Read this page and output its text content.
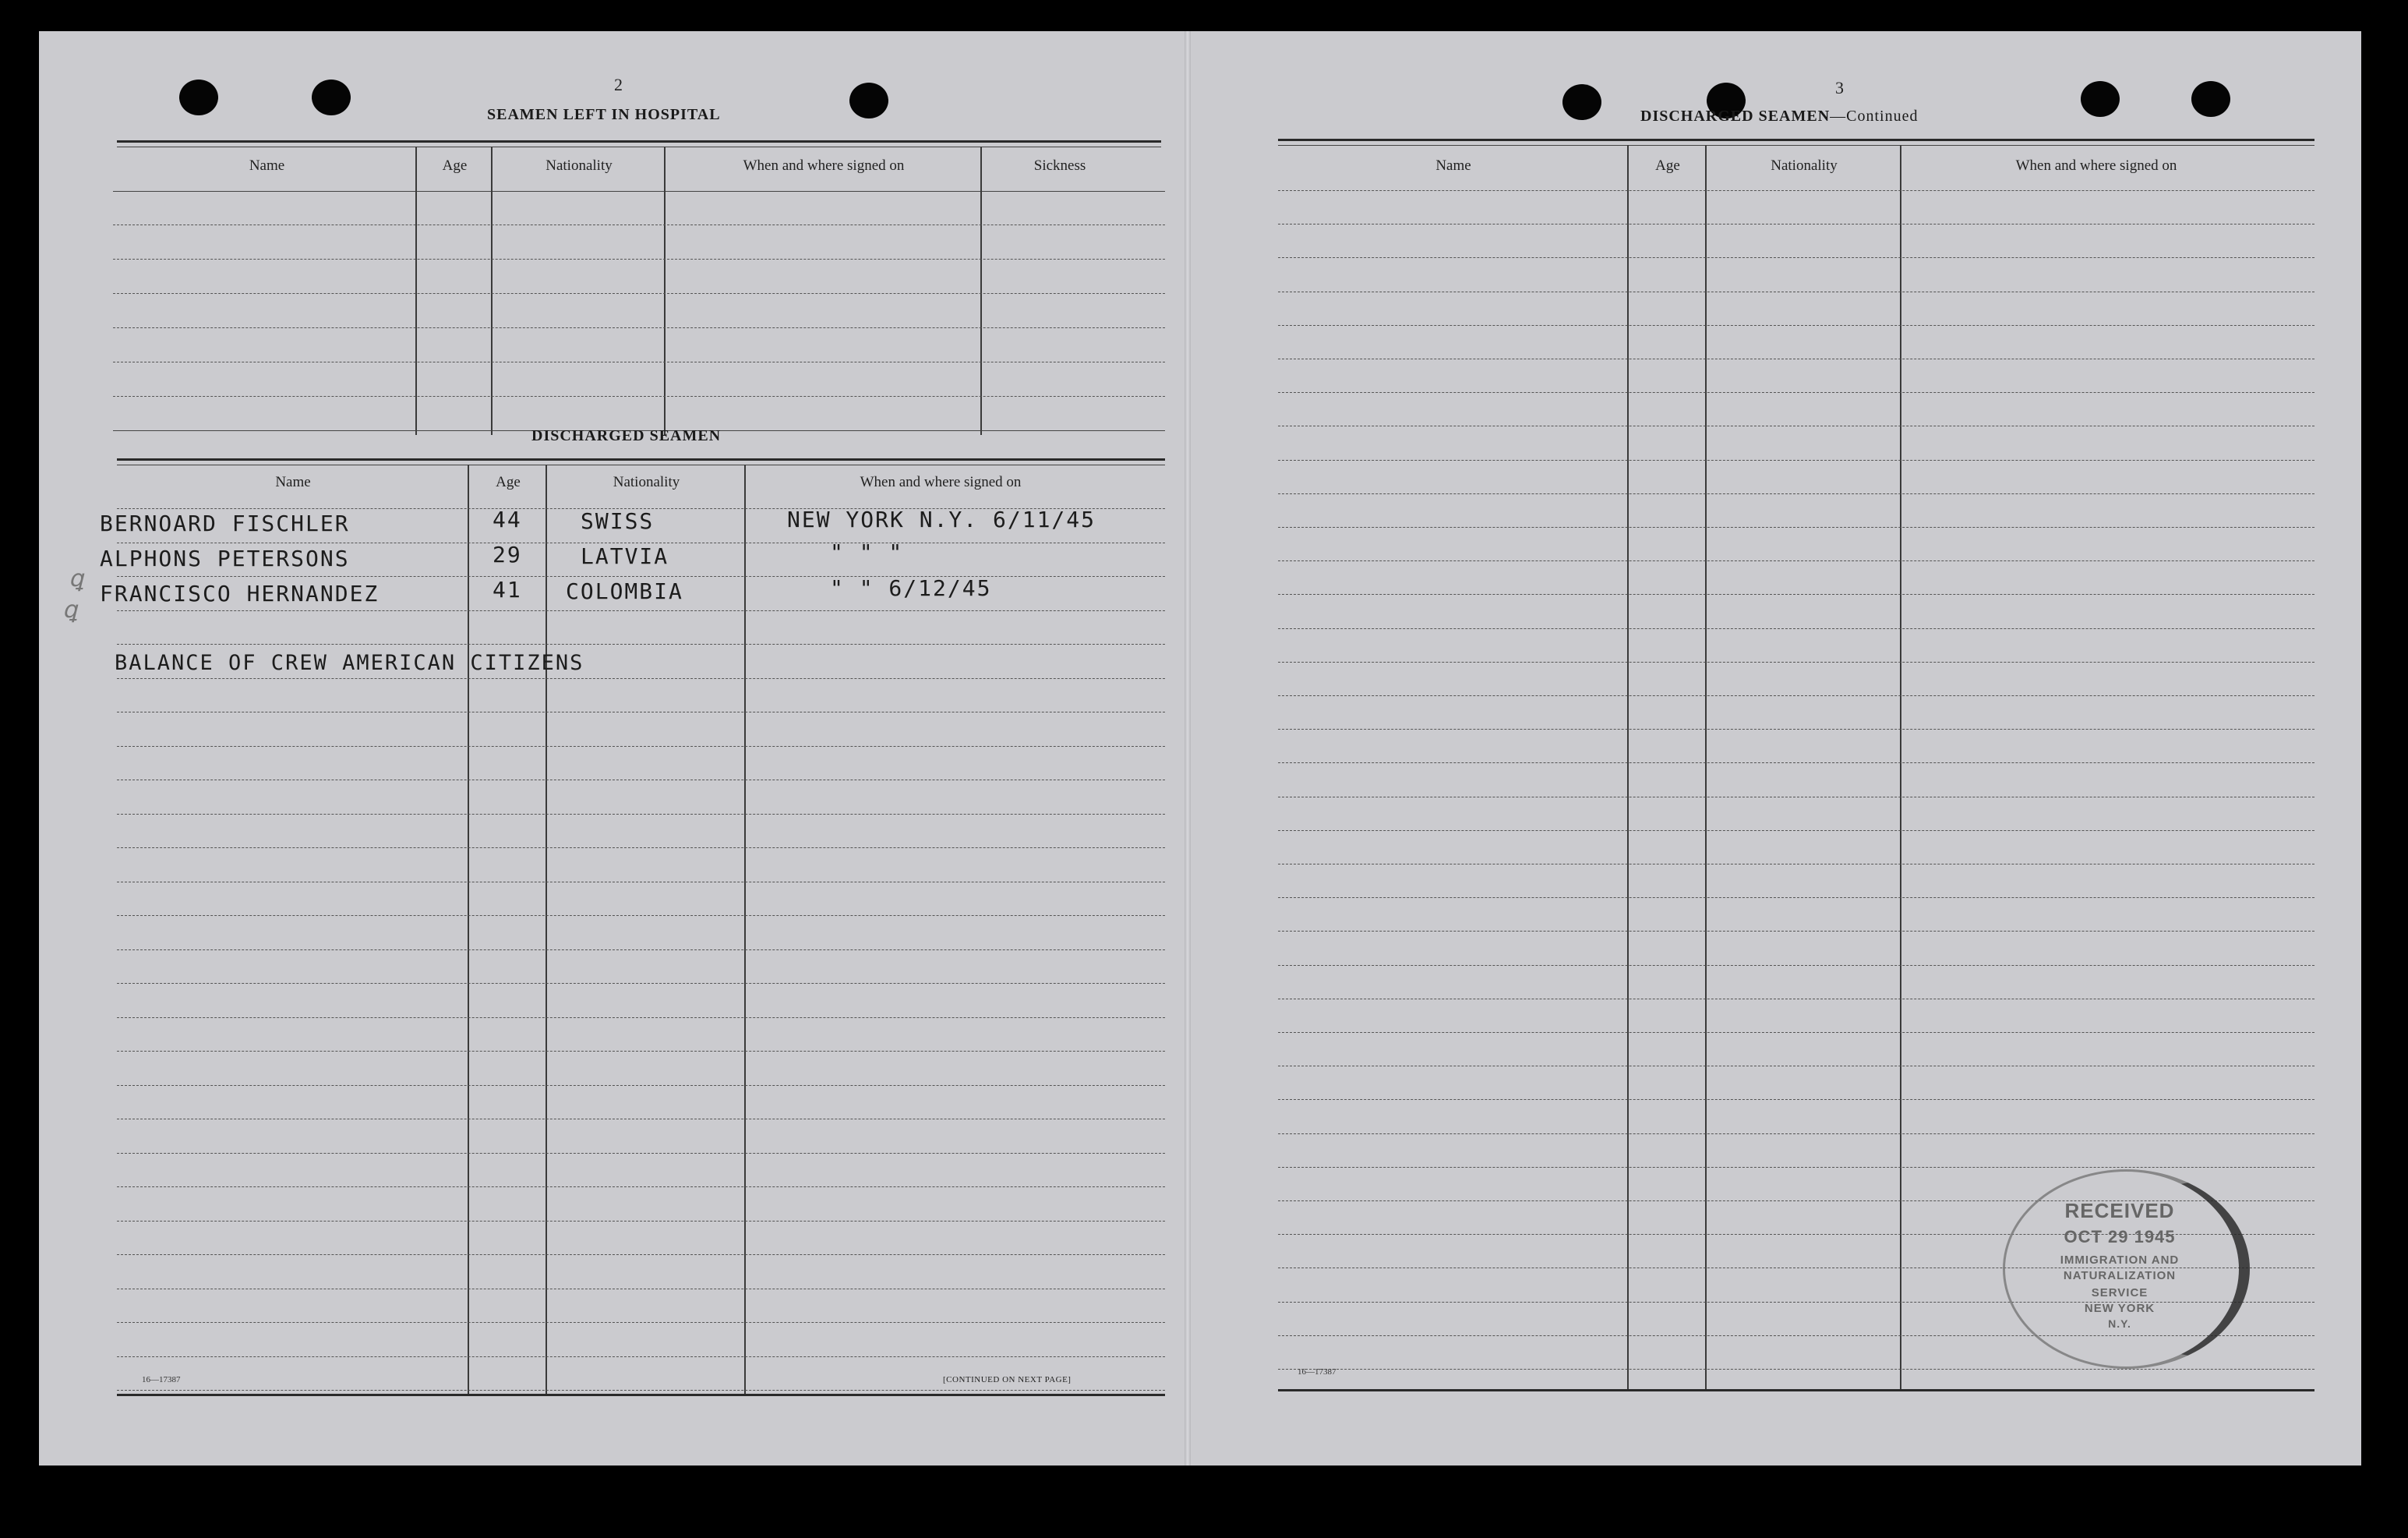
2
SEAMEN LEFT IN HOSPITAL
Name	Age	Nationality	When and where signed on	Sickness
DISCHARGED SEAMEN
Name	Age	Nationality	When and where signed on
ꝗ
ꝗ
BERNOARD FISCHLER	44	SWISS	NEW YORK N.Y. 6/11/45
ALPHONS PETERSONS	29	LATVIA	" " "
FRANCISCO HERNANDEZ	41 COLOMBIA	" " 6/12/45
BALANCE OF CREW AMERICAN CITIZENS
16—17387	[CONTINUED ON NEXT PAGE]
3
DISCHARGED SEAMEN—Continued
Name	Age	Nationality	When and where signed on
16—17387
RECEIVED
OCT 29 1945
IMMIGRATION AND
NATURALIZATION
SERVICE
NEW YORK
N.Y.
